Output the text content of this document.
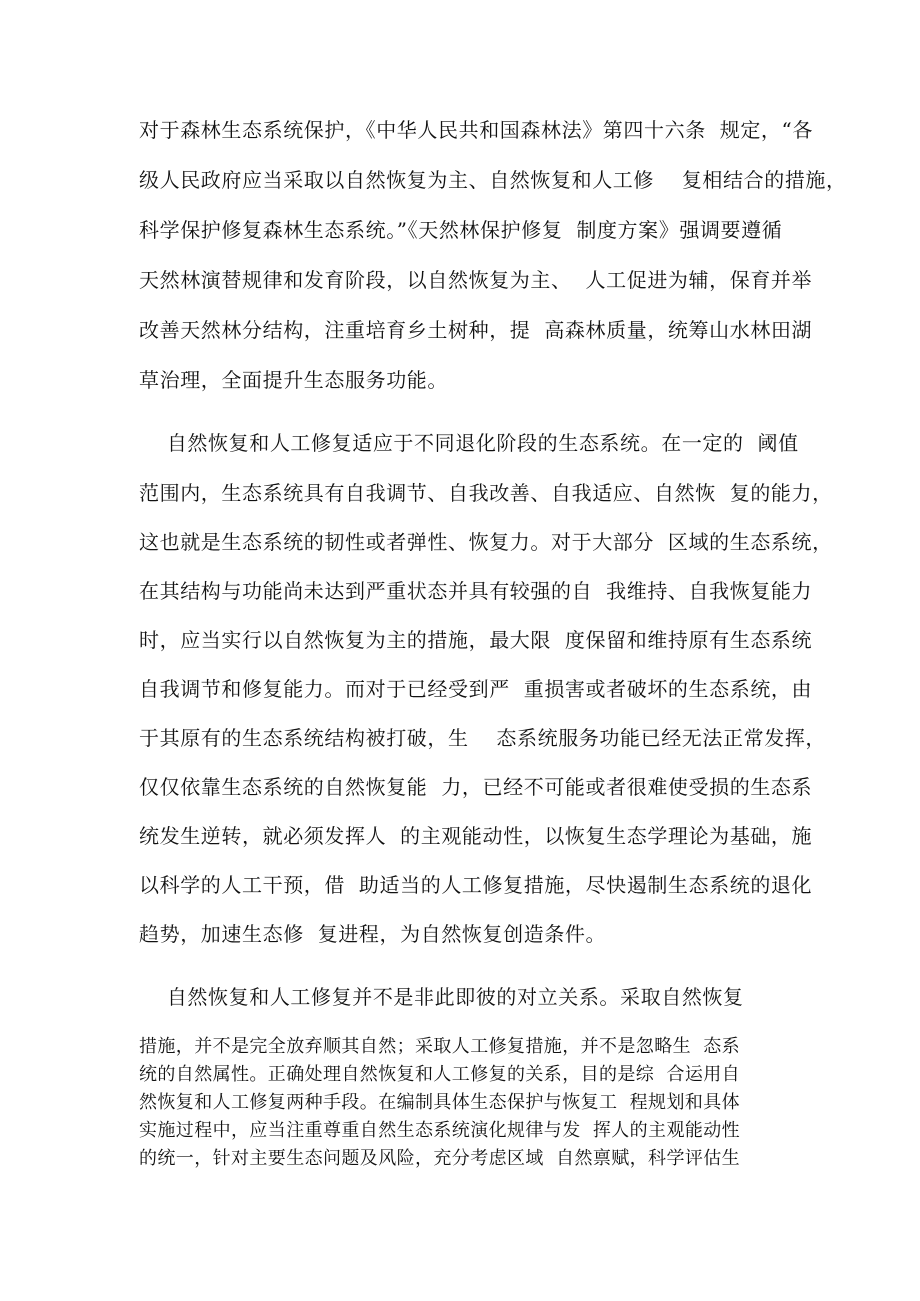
对于森林生态系统保护，《中华人民共和国森林法》第四十六条  规定，“各
级人民政府应当采取以自然恢复为主、自然恢复和人工修    复相结合的措施，
科学保护修复森林生态系统。”《天然林保护修复  制度方案》强调要遵循
天然林演替规律和发育阶段，以自然恢复为主、  人工促进为辅，保育并举
改善天然林分结构，注重培育乡土树种，提  高森林质量，统筹山水林田湖
草治理，全面提升生态服务功能。
自然恢复和人工修复适应于不同退化阶段的生态系统。在一定的  阈值
范围内，生态系统具有自我调节、自我改善、自我适应、自然恢  复的能力，
这也就是生态系统的韧性或者弹性、恢复力。对于大部分  区域的生态系统，
在其结构与功能尚未达到严重状态并具有较强的自  我维持、自我恢复能力
时，应当实行以自然恢复为主的措施，最大限  度保留和维持原有生态系统
自我调节和修复能力。而对于已经受到严  重损害或者破坏的生态系统，由
于其原有的生态系统结构被打破，生    态系统服务功能已经无法正常发挥，
仅仅依靠生态系统的自然恢复能  力，已经不可能或者很难使受损的生态系
统发生逆转，就必须发挥人  的主观能动性，以恢复生态学理论为基础，施
以科学的人工干预，借  助适当的人工修复措施，尽快遏制生态系统的退化
趋势，加速生态修  复进程，为自然恢复创造条件。
自然恢复和人工修复并不是非此即彼的对立关系。采取自然恢复
措施，并不是完全放弃顺其自然；采取人工修复措施，并不是忽略生  态系
统的自然属性。正确处理自然恢复和人工修复的关系，目的是综  合运用自
然恢复和人工修复两种手段。在编制具体生态保护与恢复工  程规划和具体
实施过程中，应当注重尊重自然生态系统演化规律与发  挥人的主观能动性
的统一，针对主要生态问题及风险，充分考虑区域  自然禀赋，科学评估生
